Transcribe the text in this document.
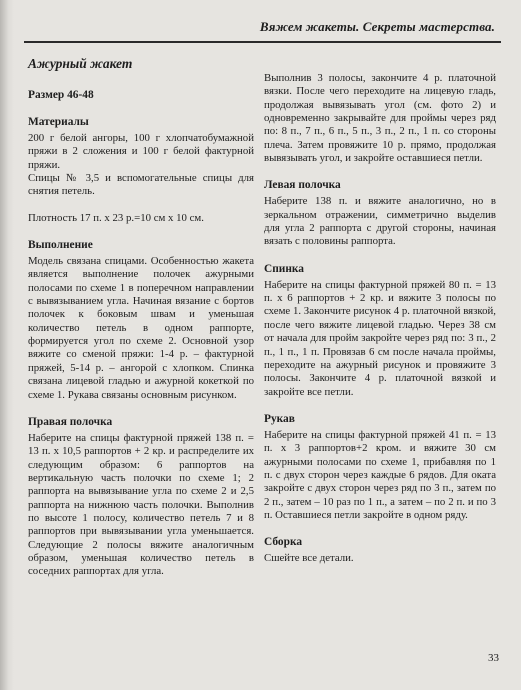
Вяжем жакеты. Секреты мастерства.
Ажурный жакет
Размер 46-48
Материалы

200 г белой ангоры, 100 г хлопчатобумажной пряжи в 2 сложения и 100 г белой фактурной пряжи.

Спицы № 3,5 и вспомогательные спицы для снятия петель.

Плотность 17 п. х 23 р.=10 см х 10 см.

Выполнение

Модель связана спицами. Особенностью жакета является выполнение полочек ажурными полосами по схеме 1 в поперечном направлении с вывязыванием угла. Начиная вязание с бортов полочек к боковым швам и уменьшая количество петель в одном раппорте, формируется угол по схеме 2. Основной узор вяжите со сменой пряжи: 1-4 р. – фактурной пряжей, 5-14 р. – ангорой с хлопком. Спинка связана лицевой гладью и ажурной кокеткой по схеме 1. Рукава связаны основным рисунком.

Правая полочка

Наберите на спицы фактурной пряжей 138 п. = 13 п. х 10,5 раппортов + 2 кр. и распределите их следующим образом: 6 раппортов на вертикальную часть полочки по схеме 1; 2 раппорта на вывязывание угла по схеме 2 и 2,5 раппорта на нижнюю часть полочки. Выполнив по высоте 1 полосу, количество петель 7 и 8 раппортов при вывязывании угла уменьшается. Следующие 2 полосы вяжите аналогичным образом, уменьшая количество петель в соседних раппортах для угла.

Выполнив 3 полосы, закончите 4 р. платочной вязки. После чего переходите на лицевую гладь, продолжая вывязывать угол (см. фото 2) и одновременно закрывайте для проймы через ряд по: 8 п., 7 п., 6 п., 5 п., 3 п., 2 п., 1 п. со стороны плеча. Затем провяжите 10 р. прямо, продолжая вывязывать угол, и закройте оставшиеся петли.

Левая полочка

Наберите 138 п. и вяжите аналогично, но в зеркальном отражении, симметрично выделив для угла 2 раппорта с другой стороны, начиная вязать с половины раппорта.

Спинка

Наберите на спицы фактурной пряжей 80 п. = 13 п. х 6 раппортов + 2 кр. и вяжите 3 полосы по схеме 1. Закончите рисунок 4 р. платочной вязкой, после чего вяжите лицевой гладью. Через 38 см от начала для пройм закройте через ряд по: 3 п., 2 п., 1 п., 1 п. Провязав 6 см после начала проймы, переходите на ажурный рисунок и провяжите 3 полосы. Закончите 4 р. платочной вязкой и закройте все петли.

Рукав

Наберите на спицы фактурной пряжей 41 п. = 13 п. х 3 раппортов+2 кром. и вяжите 30 см ажурными полосами по схеме 1, прибавляя по 1 п. с двух сторон через каждые 6 рядов. Для оката закройте с двух сторон через ряд по 3 п., затем по 2 п., затем – 10 раз по 1 п., а затем – по 2 п. и по 3 п. Оставшиеся петли закройте в одном ряду.

Сборка

Сшейте все детали.

33
